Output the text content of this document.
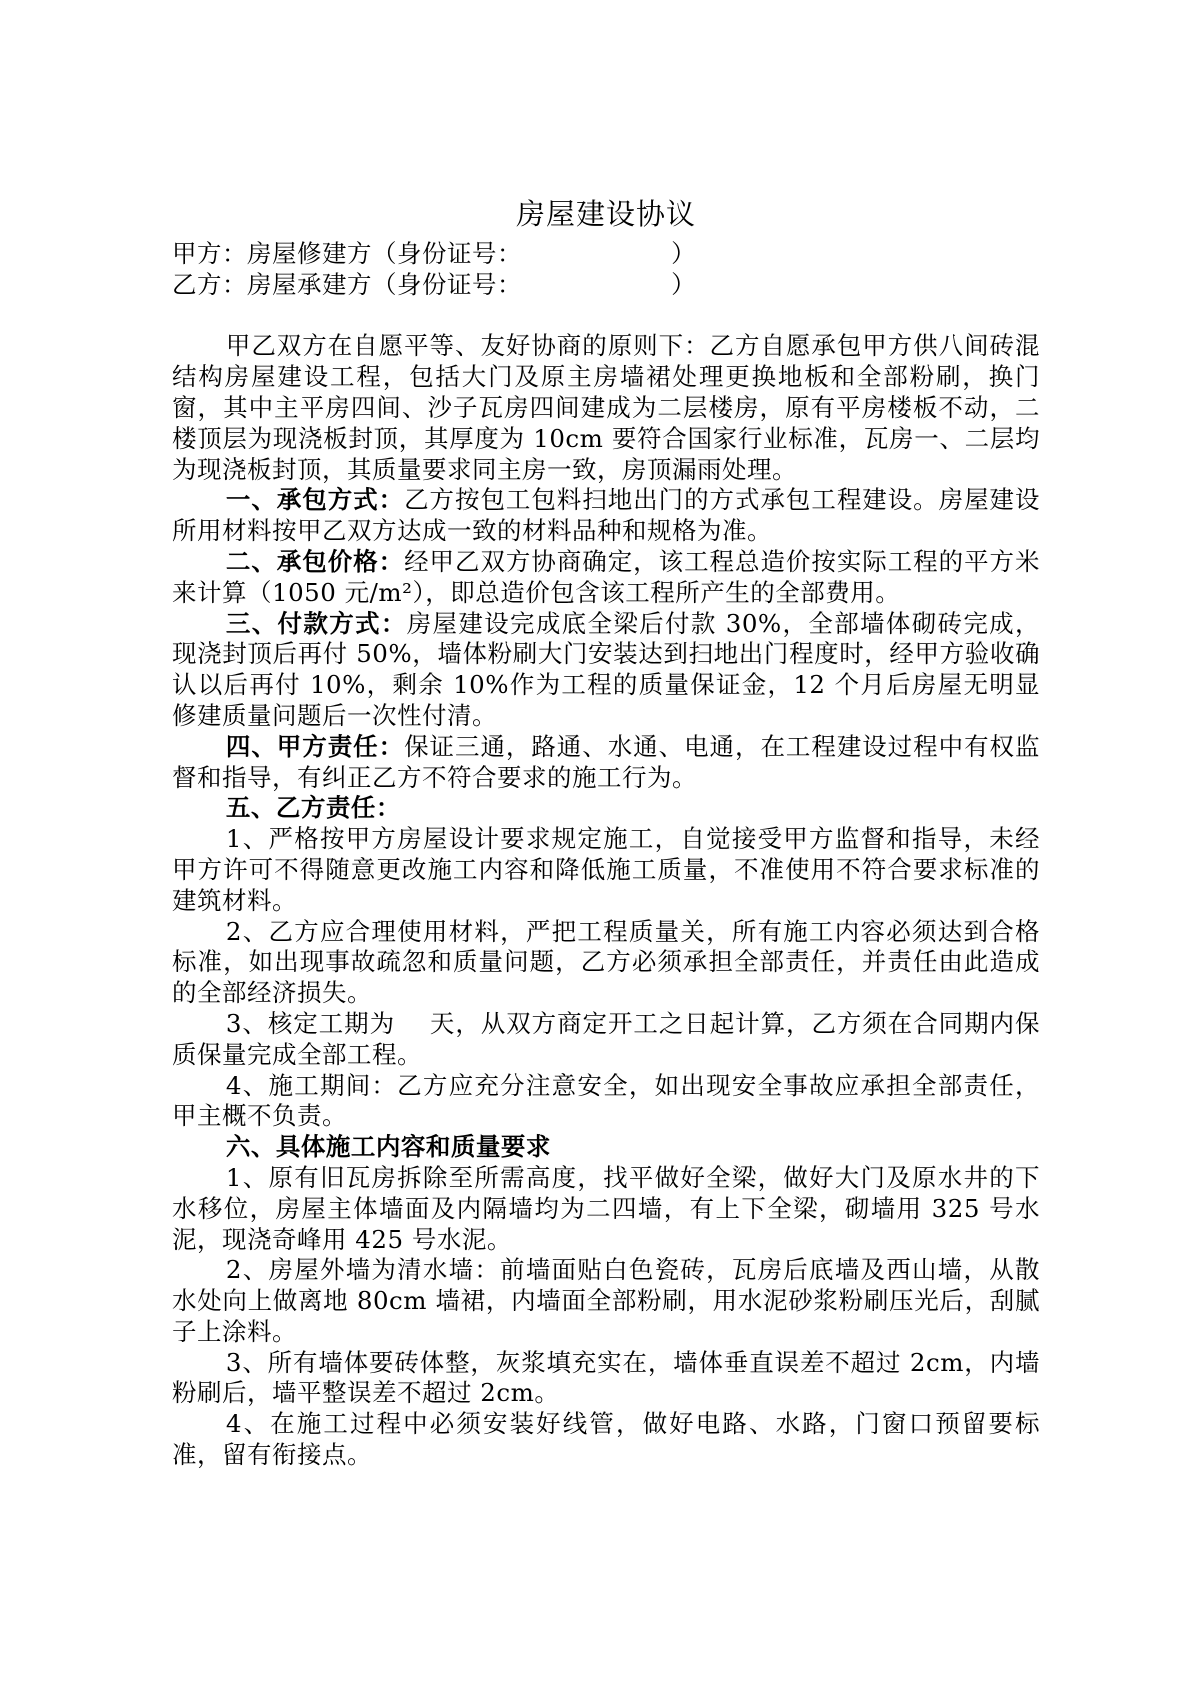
房屋建设协议
甲方：房屋修建方（身份证号：                  ）
乙方：房屋承建方（身份证号：                  ）

甲乙双方在自愿平等、友好协商的原则下：乙方自愿承包甲方供八间砖混结构房屋建设工程，包括大门及原主房墙裙处理更换地板和全部粉刷，换门窗，其中主平房四间、沙子瓦房四间建成为二层楼房，原有平房楼板不动，二楼顶层为现浇板封顶，其厚度为 10cm 要符合国家行业标准，瓦房一、二层均为现浇板封顶，其质量要求同主房一致，房顶漏雨处理。

一、承包方式：乙方按包工包料扫地出门的方式承包工程建设。房屋建设所用材料按甲乙双方达成一致的材料品种和规格为准。

二、承包价格：经甲乙双方协商确定，该工程总造价按实际工程的平方米来计算（1050 元/m²），即总造价包含该工程所产生的全部费用。

三、付款方式：房屋建设完成底全梁后付款 30%，全部墙体砌砖完成，现浇封顶后再付 50%，墙体粉刷大门安装达到扫地出门程度时，经甲方验收确认以后再付 10%，剩余 10%作为工程的质量保证金，12 个月后房屋无明显修建质量问题后一次性付清。

四、甲方责任：保证三通，路通、水通、电通，在工程建设过程中有权监督和指导，有纠正乙方不符合要求的施工行为。

五、乙方责任：

1、严格按甲方房屋设计要求规定施工，自觉接受甲方监督和指导，未经甲方许可不得随意更改施工内容和降低施工质量，不准使用不符合要求标准的建筑材料。

2、乙方应合理使用材料，严把工程质量关，所有施工内容必须达到合格标准，如出现事故疏忽和质量问题，乙方必须承担全部责任，并责任由此造成的全部经济损失。

3、核定工期为    天，从双方商定开工之日起计算，乙方须在合同期内保质保量完成全部工程。

4、施工期间：乙方应充分注意安全，如出现安全事故应承担全部责任，甲主概不负责。

六、具体施工内容和质量要求

1、原有旧瓦房拆除至所需高度，找平做好全梁，做好大门及原水井的下水移位，房屋主体墙面及内隔墙均为二四墙，有上下全梁，砌墙用 325 号水泥，现浇奇峰用 425 号水泥。

2、房屋外墙为清水墙：前墙面贴白色瓷砖，瓦房后底墙及西山墙，从散水处向上做离地 80cm 墙裙，内墙面全部粉刷，用水泥砂浆粉刷压光后，刮腻子上涂料。

3、所有墙体要砖体整，灰浆填充实在，墙体垂直误差不超过 2cm，内墙粉刷后，墙平整误差不超过 2cm。

4、在施工过程中必须安装好线管，做好电路、水路，门窗口预留要标准，留有衔接点。
